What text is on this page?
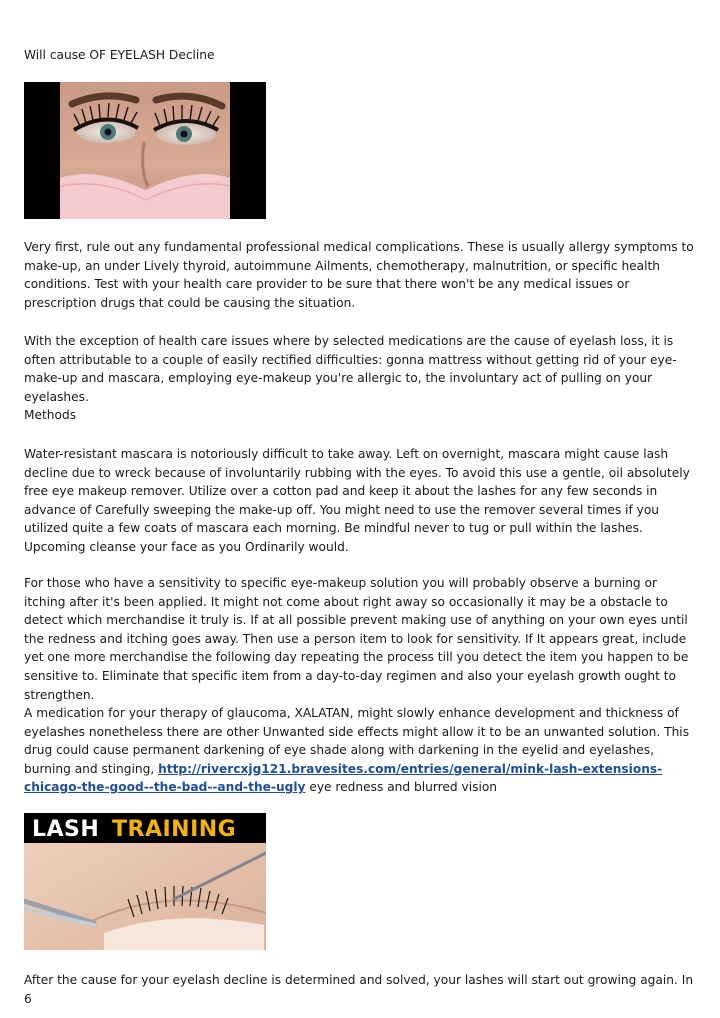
Will cause OF EYELASH Decline

Very first, rule out any fundamental professional medical complications. These is usually allergy symptoms to make-up, an under Lively thyroid, autoimmune Ailments, chemotherapy, malnutrition, or specific health conditions. Test with your health care provider to be sure that there won't be any medical issues or prescription drugs that could be causing the situation.

With the exception of health care issues where by selected medications are the cause of eyelash loss, it is often attributable to a couple of easily rectified difficulties: gonna mattress without getting rid of your eye-make-up and mascara, employing eye-makeup you're allergic to, the involuntary act of pulling on your eyelashes.

Methods

Water-resistant mascara is notoriously difficult to take away. Left on overnight, mascara might cause lash decline due to wreck because of involuntarily rubbing with the eyes. To avoid this use a gentle, oil absolutely free eye makeup remover. Utilize over a cotton pad and keep it about the lashes for any few seconds in advance of Carefully sweeping the make-up off. You might need to use the remover several times if you utilized quite a few coats of mascara each morning. Be mindful never to tug or pull within the lashes. Upcoming cleanse your face as you Ordinarily would.

For those who have a sensitivity to specific eye-makeup solution you will probably observe a burning or itching after it's been applied. It might not come about right away so occasionally it may be a obstacle to detect which merchandise it truly is. If at all possible prevent making use of anything on your own eyes until the redness and itching goes away. Then use a person item to look for sensitivity. If It appears great, include yet one more merchandise the following day repeating the process till you detect the item you happen to be sensitive to. Eliminate that specific item from a day-to-day regimen and also your eyelash growth ought to strengthen.

A medication for your therapy of glaucoma, XALATAN, might slowly enhance development and thickness of eyelashes nonetheless there are other Unwanted side effects might allow it to be an unwanted solution. This drug could cause permanent darkening of eye shade along with darkening in the eyelid and eyelashes, burning and stinging, http://rivercxjg121.bravesites.com/entries/general/mink-lash-extensions-chicago-the-good--the-bad--and-the-ugly eye redness and blurred vision

LASH TRAINING

After the cause for your eyelash decline is determined and solved, your lashes will start out growing again. In 6
